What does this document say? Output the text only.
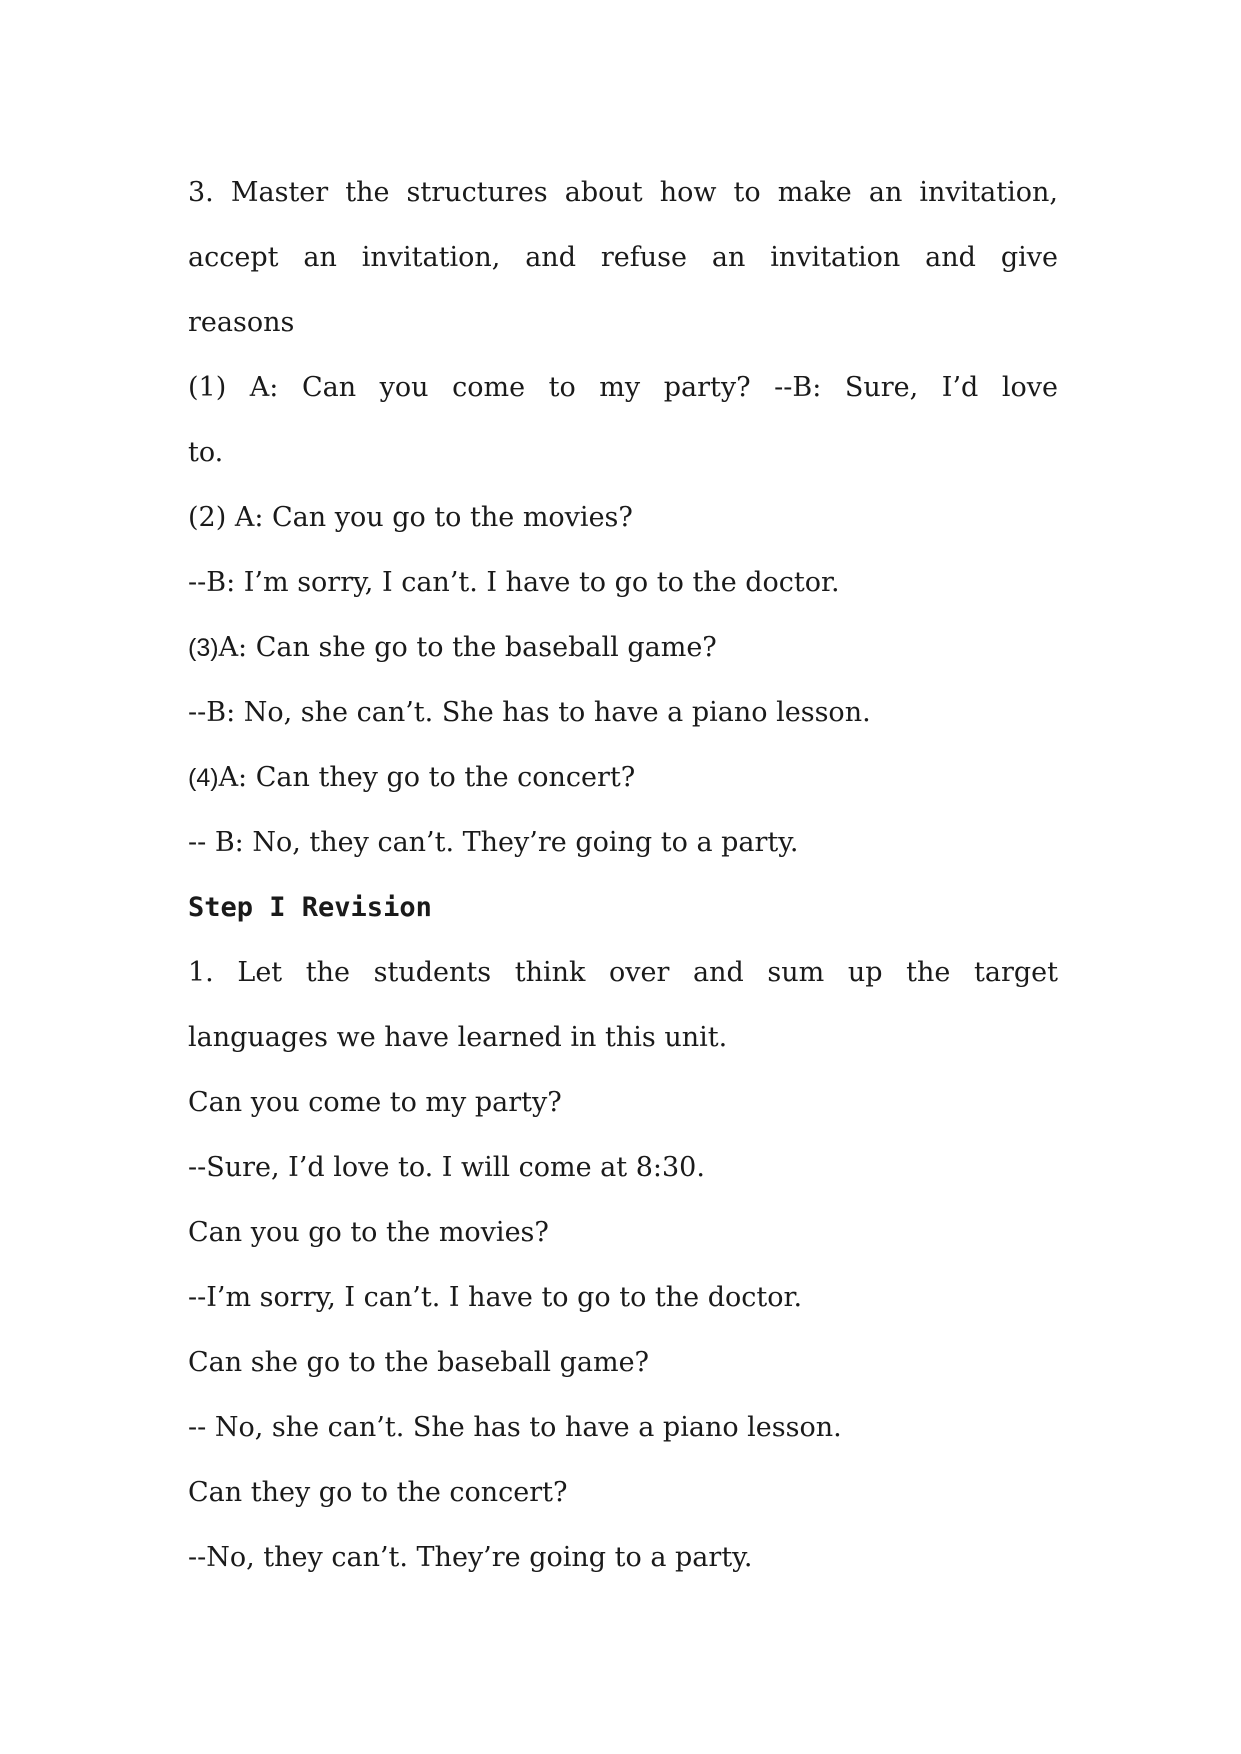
3. Master the structures about how to make an invitation,
accept an invitation, and refuse an invitation and give
reasons
(1) A: Can you come to my party? --B: Sure, I’d love
to.
(2) A: Can you go to the movies?
--B: I’m sorry, I can’t. I have to go to the doctor.
(3)A: Can she go to the baseball game?
--B: No, she can’t. She has to have a piano lesson.
(4)A: Can they go to the concert?
-- B: No, they can’t. They’re going to a party.
Step I Revision
1. Let the students think over and sum up the target
languages we have learned in this unit.
Can you come to my party?
--Sure, I’d love to. I will come at 8:30.
Can you go to the movies?
--I’m sorry, I can’t. I have to go to the doctor.
Can she go to the baseball game?
-- No, she can’t. She has to have a piano lesson.
Can they go to the concert?
--No, they can’t. They’re going to a party.
